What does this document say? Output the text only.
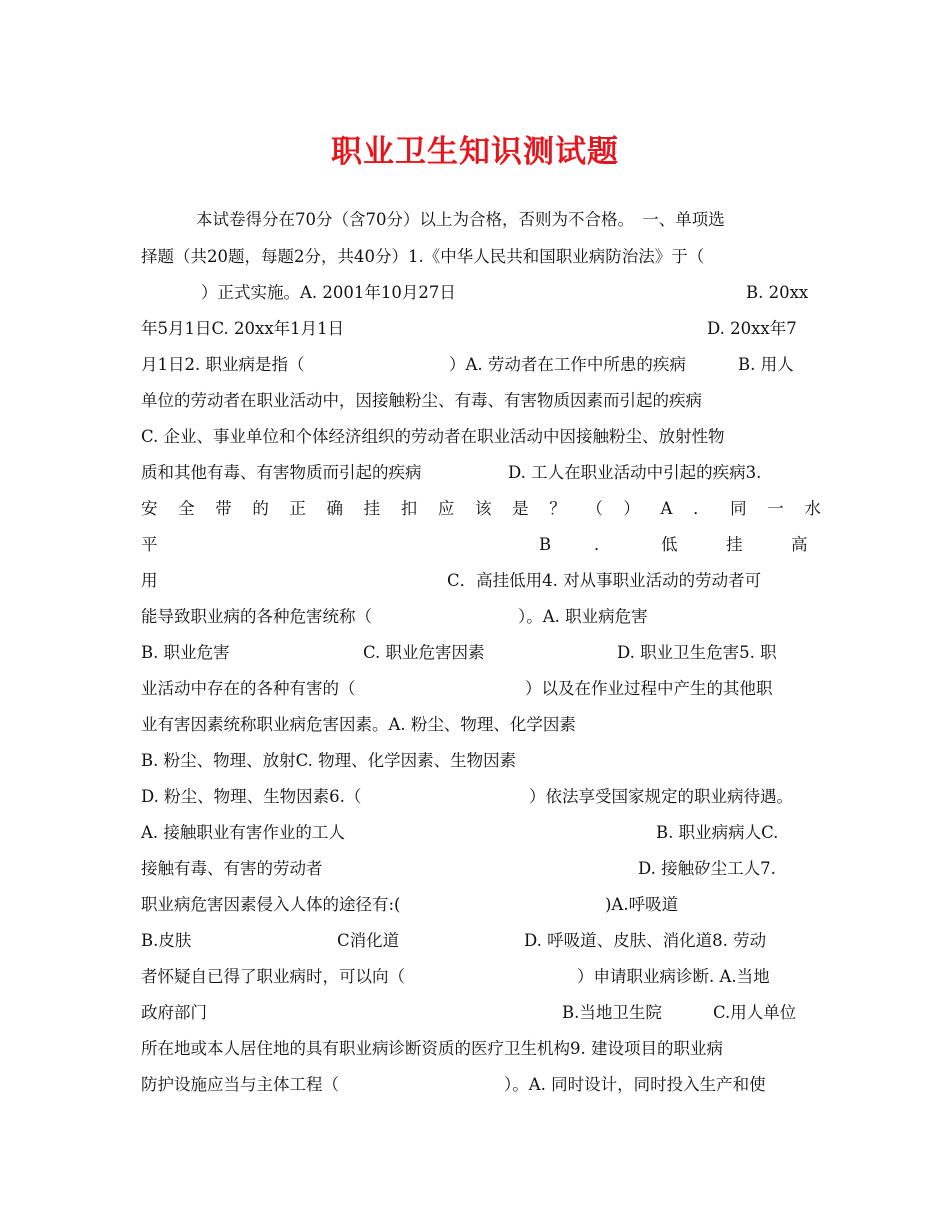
职业卫生知识测试题
本试卷得分在70分（含70分）以上为合格，否则为不合格。　一、单项选
择题（共20题，每题2分，共40分）1.《中华人民共和国职业病防治法》于（
）正式实施。A. 2001年10月27日	B. 20xx
年5月1日C. 20xx年1月1日	D. 20xx年7
月1日2. 职业病是指（	）A. 劳动者在工作中所患的疾病	B. 用人
单位的劳动者在职业活动中，因接触粉尘、有毒、有害物质因素而引起的疾病
C. 企业、事业单位和个体经济组织的劳动者在职业活动中因接触粉尘、放射性物
质和其他有毒、有害物质而引起的疾病	D. 工人在职业活动中引起的疾病3.
安 全 带 的 正 确 挂 扣 应 该 是 ？ （ ） A ． 同 一 水
平	B	．	低	挂	高
用	C．高挂低用4. 对从事职业活动的劳动者可
能导致职业病的各种危害统称（	）。A. 职业病危害
B. 职业危害	C. 职业危害因素	D. 职业卫生危害5. 职
业活动中存在的各种有害的（	）以及在作业过程中产生的其他职
业有害因素统称职业病危害因素。A. 粉尘、物理、化学因素
B. 粉尘、物理、放射C. 物理、化学因素、生物因素
D. 粉尘、物理、生物因素6.（	）依法享受国家规定的职业病待遇。
A. 接触职业有害作业的工人	B. 职业病病人C.
接触有毒、有害的劳动者	D. 接触矽尘工人7.
职业病危害因素侵入人体的途径有:(	)A.呼吸道
B.皮肤	C消化道	D. 呼吸道、皮肤、消化道8. 劳动
者怀疑自已得了职业病时，可以向（	）申请职业病诊断. A.当地
政府部门	B.当地卫生院	C.用人单位
所在地或本人居住地的具有职业病诊断资质的医疗卫生机构9. 建设项目的职业病
防护设施应当与主体工程（	）。A. 同时设计，同时投入生产和使
